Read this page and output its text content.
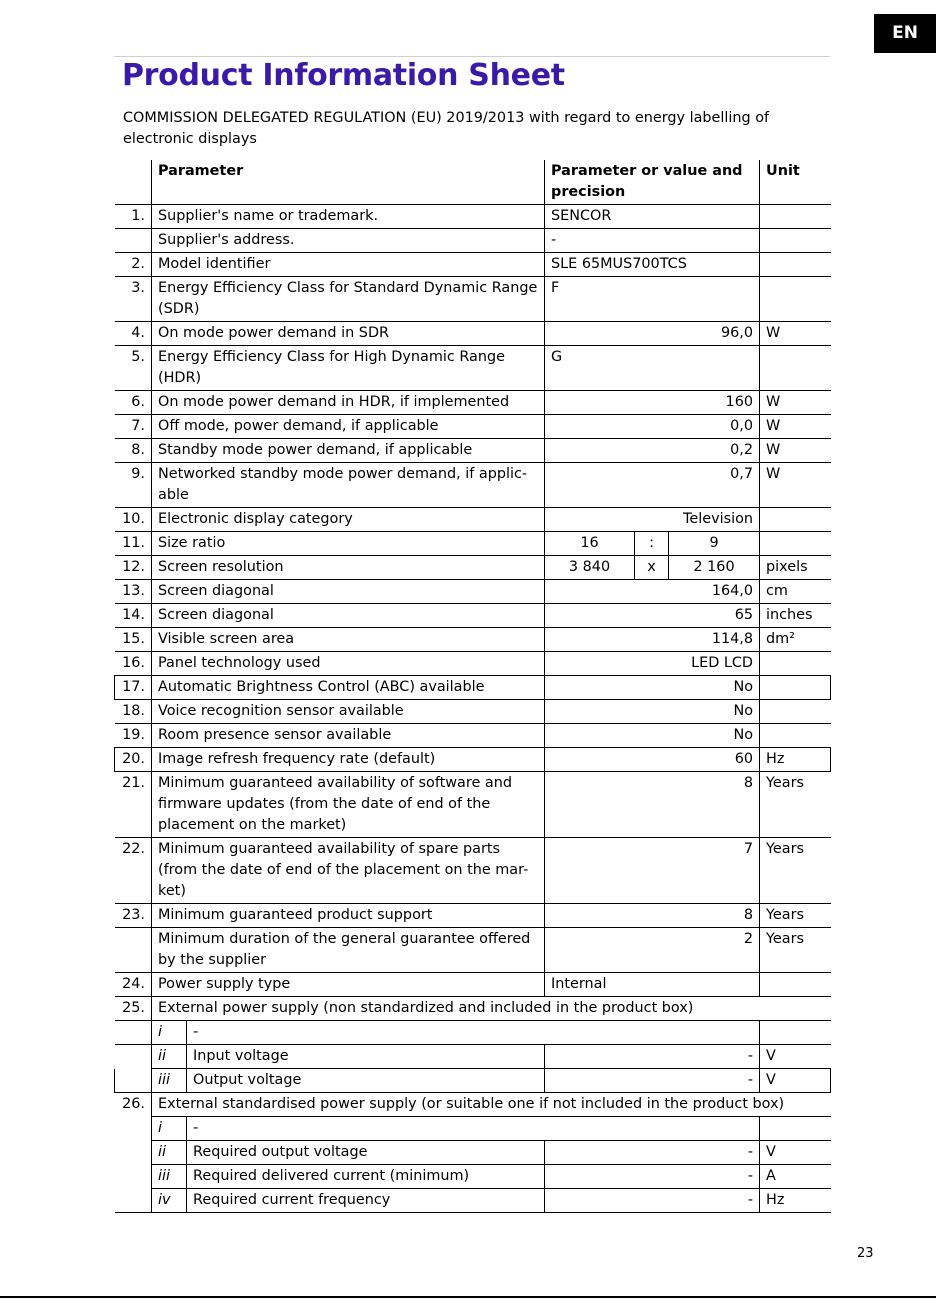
EN
Product Information Sheet
COMMISSION DELEGATED REGULATION (EU) 2019/2013 with regard to energy labelling of electronic displays
	Parameter		Parameter or value and precision			Unit
1.	Supplier's name or trademark.		SENCOR			
	Supplier's address.		-			
2.	Model identifier		SLE 65MUS700TCS			
3.	Energy Efficiency Class for Standard Dynamic Range (SDR)		F			
4.	On mode power demand in SDR		96,0			W
5.	Energy Efficiency Class for High Dynamic Range (HDR)		G			
6.	On mode power demand in HDR, if implemented		160			W
7.	Off mode, power demand, if applicable		0,0			W
8.	Standby mode power demand, if applicable		0,2			W
9.	Networked standby mode power demand, if applic-able		0,7			W
10.	Electronic display category		Television			
11.	Size ratio		16	:	9	
12.	Screen resolution		3 840	x	2 160	pixels
13.	Screen diagonal		164,0			cm
14.	Screen diagonal		65			inches
15.	Visible screen area		114,8			dm²
16.	Panel technology used		LED LCD			
17.	Automatic Brightness Control (ABC) available		No			
18.	Voice recognition sensor available		No			
19.	Room presence sensor available		No			
20.	Image refresh frequency rate (default)		60			Hz
21.	Minimum guaranteed availability of software and firmware updates (from the date of end of the placement on the market)		8			Years
22.	Minimum guaranteed availability of spare parts (from the date of end of the placement on the mar-ket)		7			Years
23.	Minimum guaranteed product support		8			Years
	Minimum duration of the general guarantee offered by the supplier		2			Years
24.	Power supply type		Internal			
25.	External power supply (non standardized and included in the product box)					
	i	-				
	ii	Input voltage	-			V
	iii	Output voltage	-			V
26.	External standardised power supply (or suitable one if not included in the product box)					
	i	-				
	ii	Required output voltage	-			V
	iii	Required delivered current (minimum)	-			A
	iv	Required current frequency	-			Hz
23
